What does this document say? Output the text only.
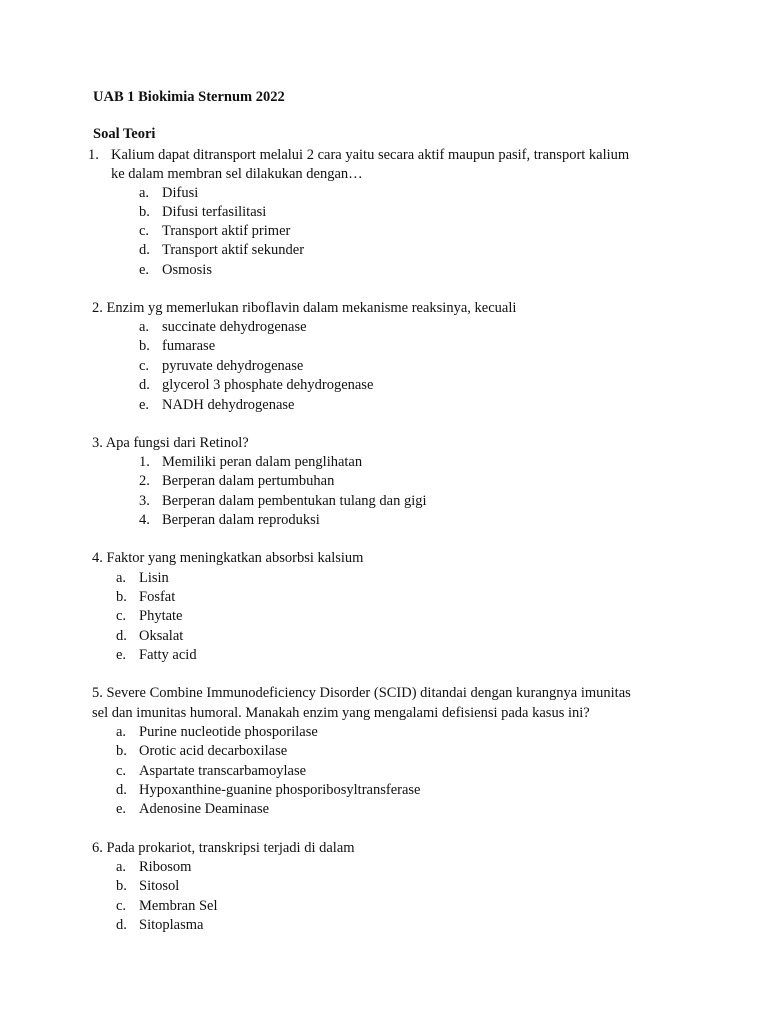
UAB 1 Biokimia Sternum 2022
Soal Teori
1. Kalium dapat ditransport melalui 2 cara yaitu secara aktif maupun pasif, transport kalium
ke dalam membran sel dilakukan dengan…
a. Difusi
b. Difusi terfasilitasi
c. Transport aktif primer
d. Transport aktif sekunder
e. Osmosis
2. Enzim yg memerlukan riboflavin dalam mekanisme reaksinya, kecuali
a. succinate dehydrogenase
b. fumarase
c. pyruvate dehydrogenase
d. glycerol 3 phosphate dehydrogenase
e. NADH dehydrogenase
3. Apa fungsi dari Retinol?
1. Memiliki peran dalam penglihatan
2. Berperan dalam pertumbuhan
3. Berperan dalam pembentukan tulang dan gigi
4. Berperan dalam reproduksi
4. Faktor yang meningkatkan absorbsi kalsium
a. Lisin
b. Fosfat
c. Phytate
d. Oksalat
e. Fatty acid
5. Severe Combine Immunodeficiency Disorder (SCID) ditandai dengan kurangnya imunitas
sel dan imunitas humoral. Manakah enzim yang mengalami defisiensi pada kasus ini?
a. Purine nucleotide phosporilase
b. Orotic acid decarboxilase
c. Aspartate transcarbamoylase
d. Hypoxanthine-guanine phosporibosyltransferase
e. Adenosine Deaminase
6. Pada prokariot, transkripsi terjadi di dalam
a. Ribosom
b. Sitosol
c. Membran Sel
d. Sitoplasma
